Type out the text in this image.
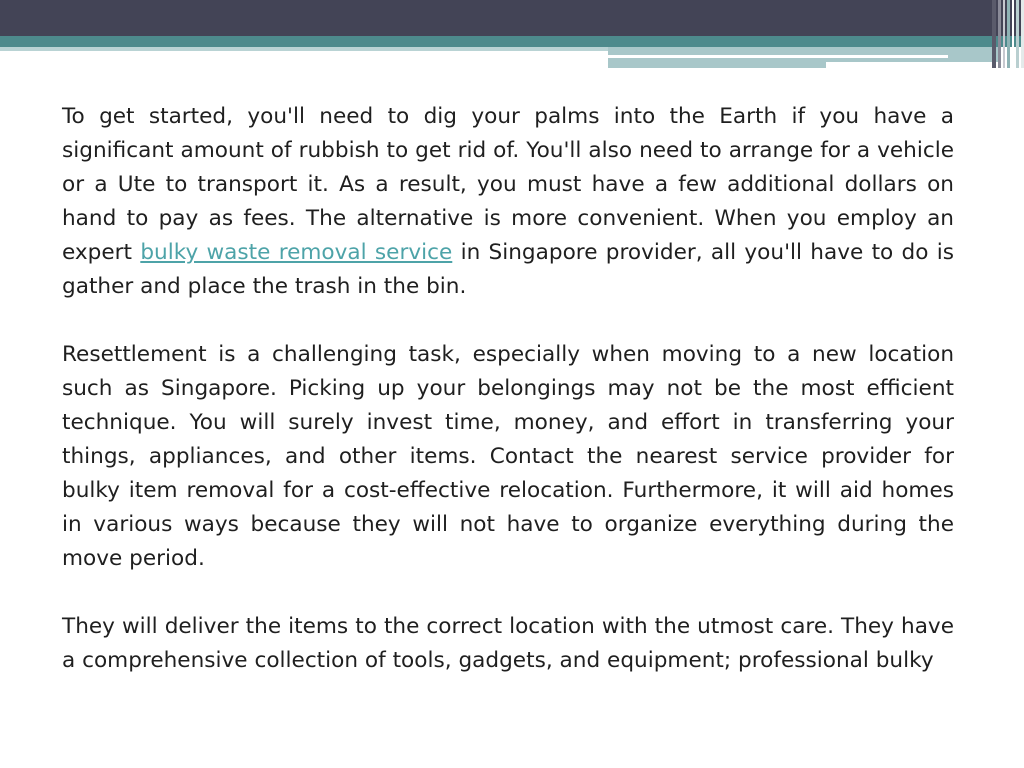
To get started, you'll need to dig your palms into the Earth if you have a significant amount of rubbish to get rid of. You'll also need to arrange for a vehicle or a Ute to transport it. As a result, you must have a few additional dollars on hand to pay as fees. The alternative is more convenient. When you employ an expert bulky waste removal service in Singapore provider, all you'll have to do is gather and place the trash in the bin.

Resettlement is a challenging task, especially when moving to a new location such as Singapore. Picking up your belongings may not be the most efficient technique. You will surely invest time, money, and effort in transferring your things, appliances, and other items. Contact the nearest service provider for bulky item removal for a cost-effective relocation. Furthermore, it will aid homes in various ways because they will not have to organize everything during the move period.

They will deliver the items to the correct location with the utmost care. They have a comprehensive collection of tools, gadgets, and equipment; professional bulky
